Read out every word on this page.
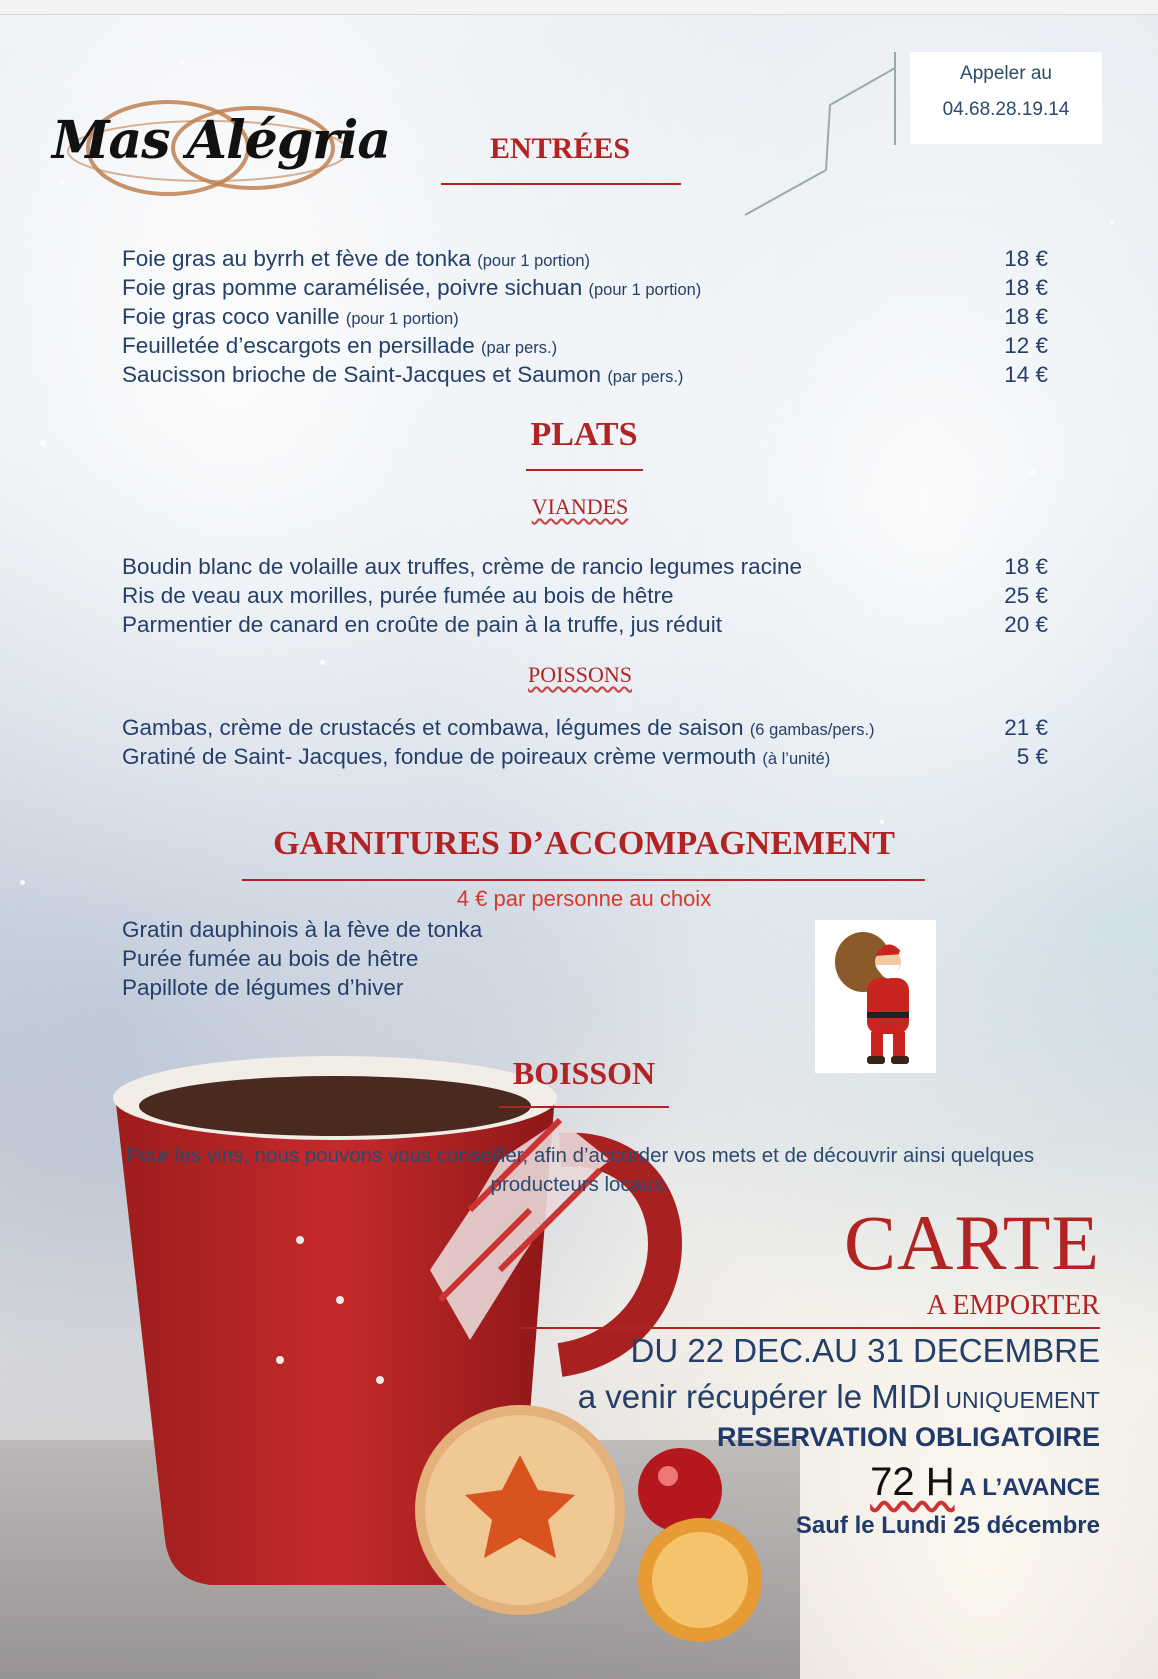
Mas Alégria
Appeler au
04.68.28.19.14
ENTRÉES
Foie gras au byrrh et fève de tonka (pour 1 portion)	18 €
Foie gras pomme caramélisée, poivre sichuan (pour 1 portion)	18 €
Foie gras coco vanille (pour 1 portion)	18 €
Feuilletée d’escargots en persillade (par pers.)	12 €
Saucisson brioche de Saint-Jacques et Saumon (par pers.)	14 €
PLATS
VIANDES
Boudin blanc de volaille aux truffes, crème de rancio legumes racine	18 €
Ris de veau aux morilles, purée fumée au bois de hêtre	25 €
Parmentier de canard en croûte de pain à la truffe, jus réduit	20 €
POISSONS
Gambas, crème de crustacés et combawa, légumes de saison (6 gambas/pers.)	21 €
Gratiné de Saint- Jacques, fondue de poireaux crème vermouth (à l’unité)	5 €
GARNITURES D’ACCOMPAGNEMENT
4 € par personne au choix
Gratin dauphinois à la fève de tonka
Purée fumée au bois de hêtre
Papillote de légumes d’hiver
BOISSON
Pour les vins, nous pouvons vous conseiller, afin d’accorder vos mets et de découvrir ainsi quelques producteurs locaux.
CARTE
A EMPORTER
DU 22 DEC.AU 31 DECEMBRE
a venir récupérer le MIDI UNIQUEMENT
RESERVATION OBLIGATOIRE
72 H A L’AVANCE
Sauf le Lundi 25 décembre
